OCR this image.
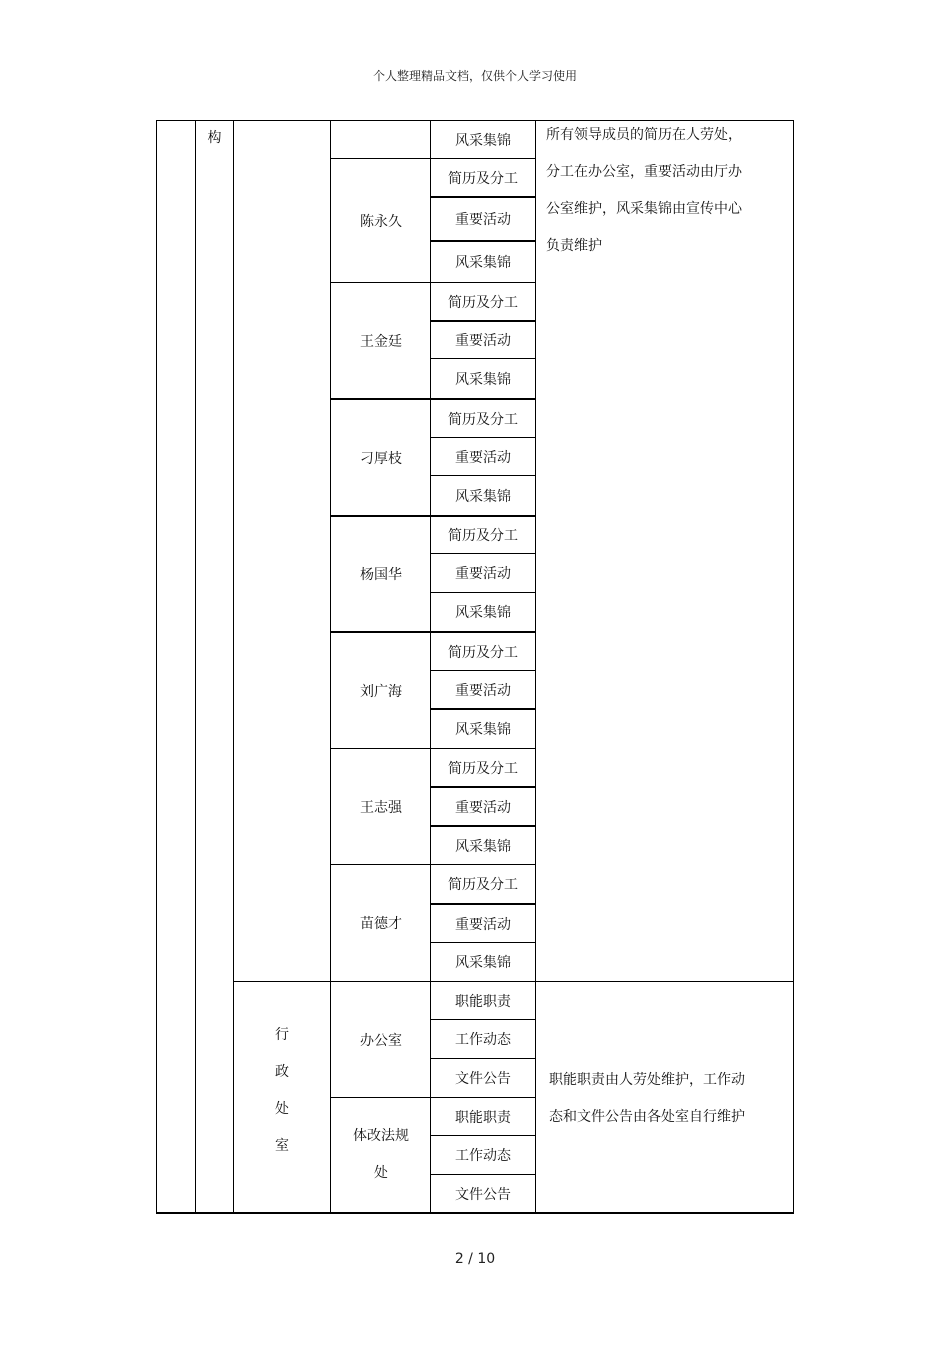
个人整理精品文档，仅供个人学习使用
构	风采集锦
陈永久
简历及分工
重要活动
风采集锦
王金廷
简历及分工
重要活动
风采集锦
刁厚枝
简历及分工
重要活动
风采集锦
杨国华
简历及分工
重要活动
风采集锦
刘广海
简历及分工
重要活动
风采集锦
王志强
简历及分工
重要活动
风采集锦
苗德才
简历及分工
重要活动
风采集锦
所有领导成员的简历在人劳处，
分工在办公室，重要活动由厅办
公室维护，风采集锦由宣传中心
负责维护
行
政
处
室
办公室
职能职责
工作动态
文件公告
体改法规
处
职能职责
工作动态
文件公告
职能职责由人劳处维护，工作动
态和文件公告由各处室自行维护
2 / 10
